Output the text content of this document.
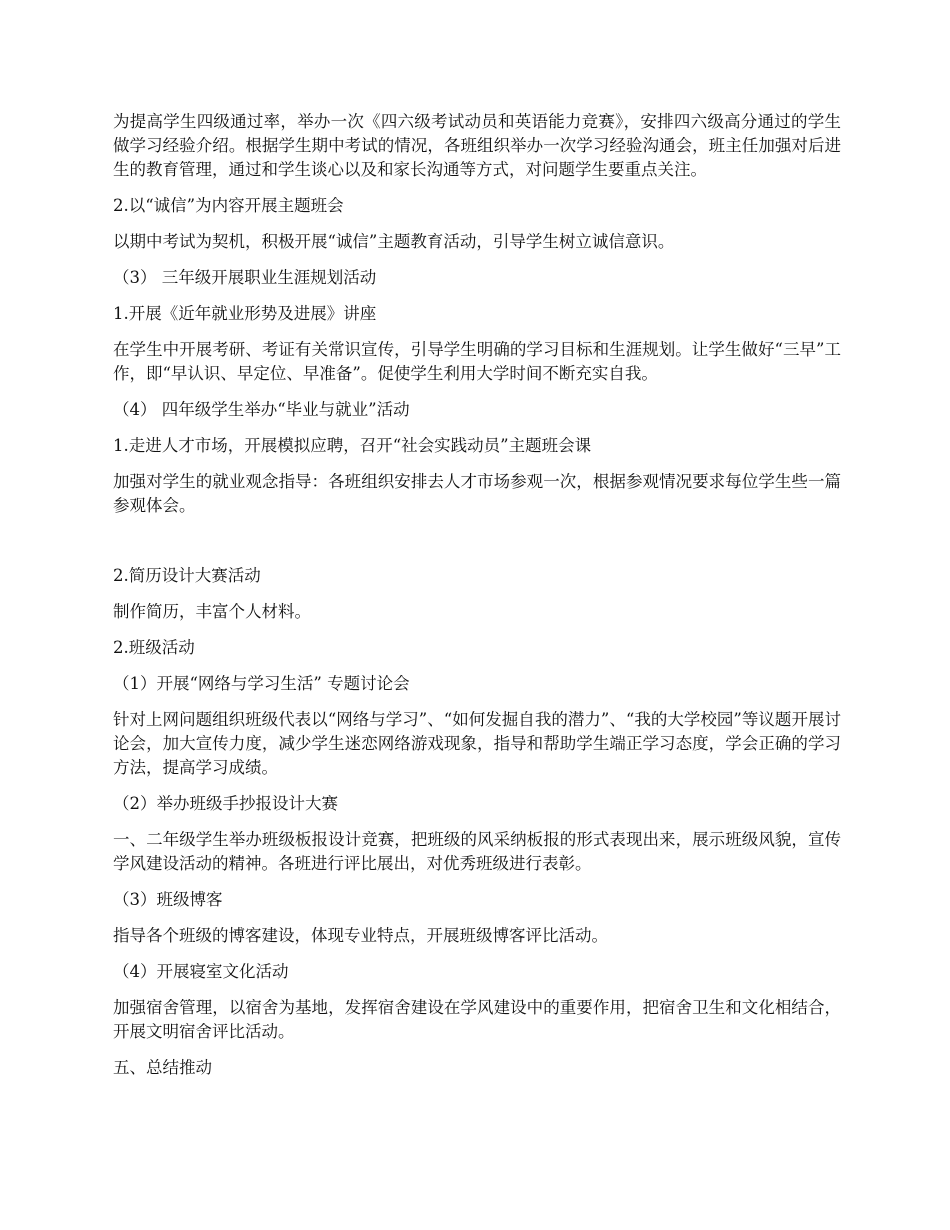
为提高学生四级通过率，举办一次《四六级考试动员和英语能力竞赛》，安排四六级高分通过的学生做学习经验介绍。根据学生期中考试的情况，各班组织举办一次学习经验沟通会，班主任加强对后进生的教育管理，通过和学生谈心以及和家长沟通等方式，对问题学生要重点关注。

2.以“诚信”为内容开展主题班会

以期中考试为契机，积极开展“诚信”主题教育活动，引导学生树立诚信意识。

（3） 三年级开展职业生涯规划活动

1.开展《近年就业形势及进展》讲座

在学生中开展考研、考证有关常识宣传，引导学生明确的学习目标和生涯规划。让学生做好“三早”工作，即“早认识、早定位、早准备”。促使学生利用大学时间不断充实自我。

（4） 四年级学生举办“毕业与就业”活动

1.走进人才市场，开展模拟应聘，召开“社会实践动员”主题班会课

加强对学生的就业观念指导：各班组织安排去人才市场参观一次，根据参观情况要求每位学生些一篇参观体会。

2.简历设计大赛活动

制作简历，丰富个人材料。

2.班级活动

（1）开展“网络与学习生活” 专题讨论会

针对上网问题组织班级代表以“网络与学习”、“如何发掘自我的潜力”、“我的大学校园”等议题开展讨论会，加大宣传力度，减少学生迷恋网络游戏现象，指导和帮助学生端正学习态度，学会正确的学习方法，提高学习成绩。

（2）举办班级手抄报设计大赛

一、二年级学生举办班级板报设计竞赛，把班级的风采纳板报的形式表现出来，展示班级风貌，宣传学风建设活动的精神。各班进行评比展出，对优秀班级进行表彰。

（3）班级博客

指导各个班级的博客建设，体现专业特点，开展班级博客评比活动。

（4）开展寝室文化活动

加强宿舍管理，以宿舍为基地，发挥宿舍建设在学风建设中的重要作用，把宿舍卫生和文化相结合，开展文明宿舍评比活动。

五、总结推动
